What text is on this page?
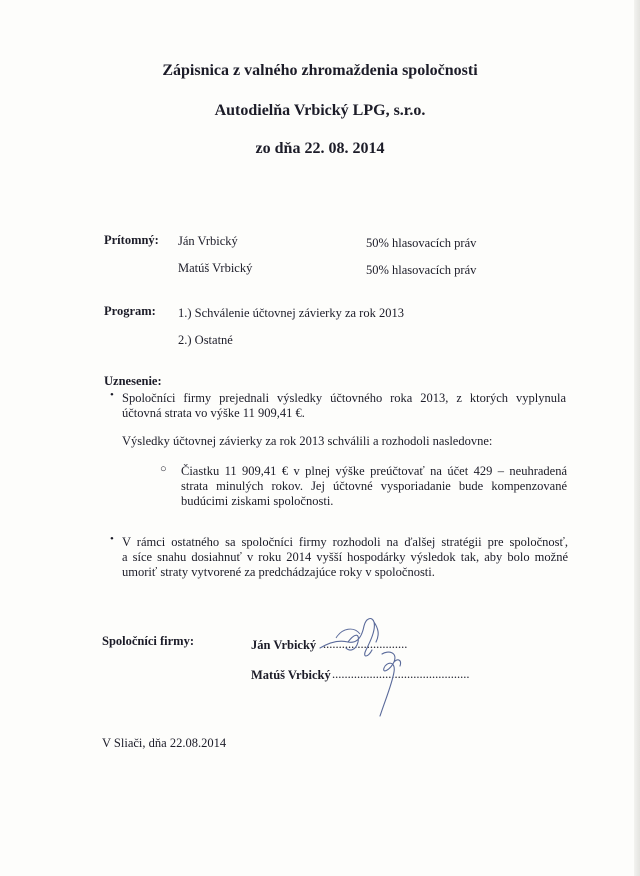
Zápisnica z valného zhromaždenia spoločnosti
Autodielňa Vrbický LPG, s.r.o.
zo dňa 22. 08. 2014
Prítomný: Ján Vrbický	50% hlasovacích práv
Matúš Vrbický	50% hlasovacích práv
Program: 1.) Schválenie účtovnej závierky za rok 2013
2.) Ostatné
Uznesenie:
• Spoločníci firmy prejednali výsledky účtovného roka 2013, z ktorých vyplynula
účtovná strata vo výške 11 909,41 €.
Výsledky účtovnej závierky za rok 2013 schválili a rozhodoli nasledovne:
○ Čiastku 11 909,41 € v plnej výške preúčtovať na účet 429 – neuhradená
strata minulých rokov. Jej účtovné vysporiadanie bude kompenzované
budúcimi ziskami spoločnosti.
• V rámci ostatného sa spoločníci firmy rozhodoli na ďalšej stratégii pre spoločnosť,
a síce snahu dosiahnuť v roku 2014 vyšší hospodárky výsledok tak, aby bolo možné
umoriť straty vytvorené za predchádzajúce roky v spoločnosti.
Spoločníci firmy:	Ján Vrbický ...........................
Matúš Vrbický ............................................
V Sliači, dňa 22.08.2014
